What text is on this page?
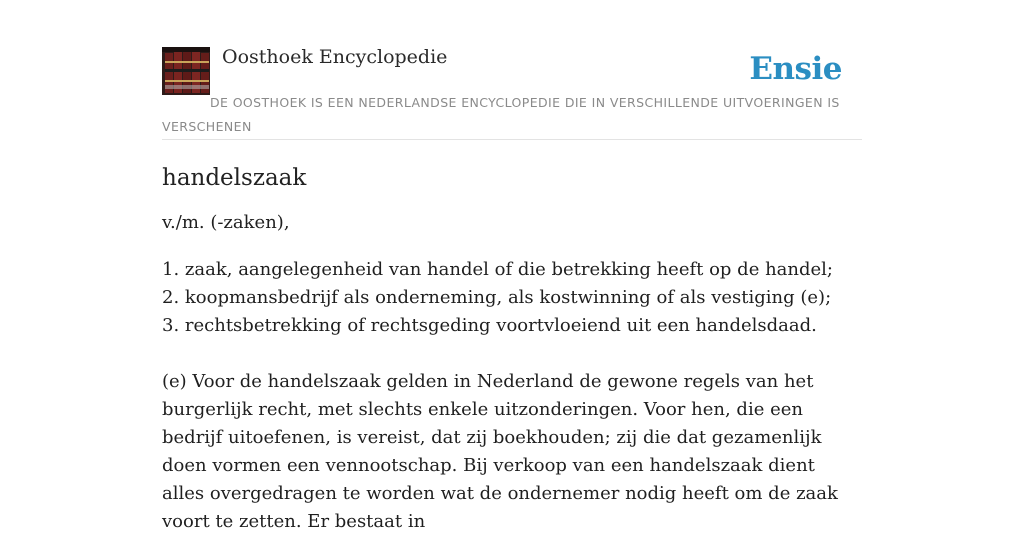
Oosthoek Encyclopedie	Ensie
DE OOSTHOEK IS EEN NEDERLANDSE ENCYCLOPEDIE DIE IN VERSCHILLENDE UITVOERINGEN IS VERSCHENEN
handelszaak

v./m. (-zaken),

1. zaak, aangelegenheid van handel of die betrekking heeft op de handel;
2. koopmansbedrijf als onderneming, als kostwinning of als vestiging (e);
3. rechtsbetrekking of rechtsgeding voortvloeiend uit een handelsdaad.

(e) Voor de handelszaak gelden in Nederland de gewone regels van het burgerlijk recht, met slechts enkele uitzonderingen. Voor hen, die een bedrijf uitoefenen, is vereist, dat zij boekhouden; zij die dat gezamenlijk doen vormen een vennootschap. Bij verkoop van een handelszaak dient alles overgedragen te worden wat de ondernemer nodig heeft om de zaak voort te zetten. Er bestaat in
